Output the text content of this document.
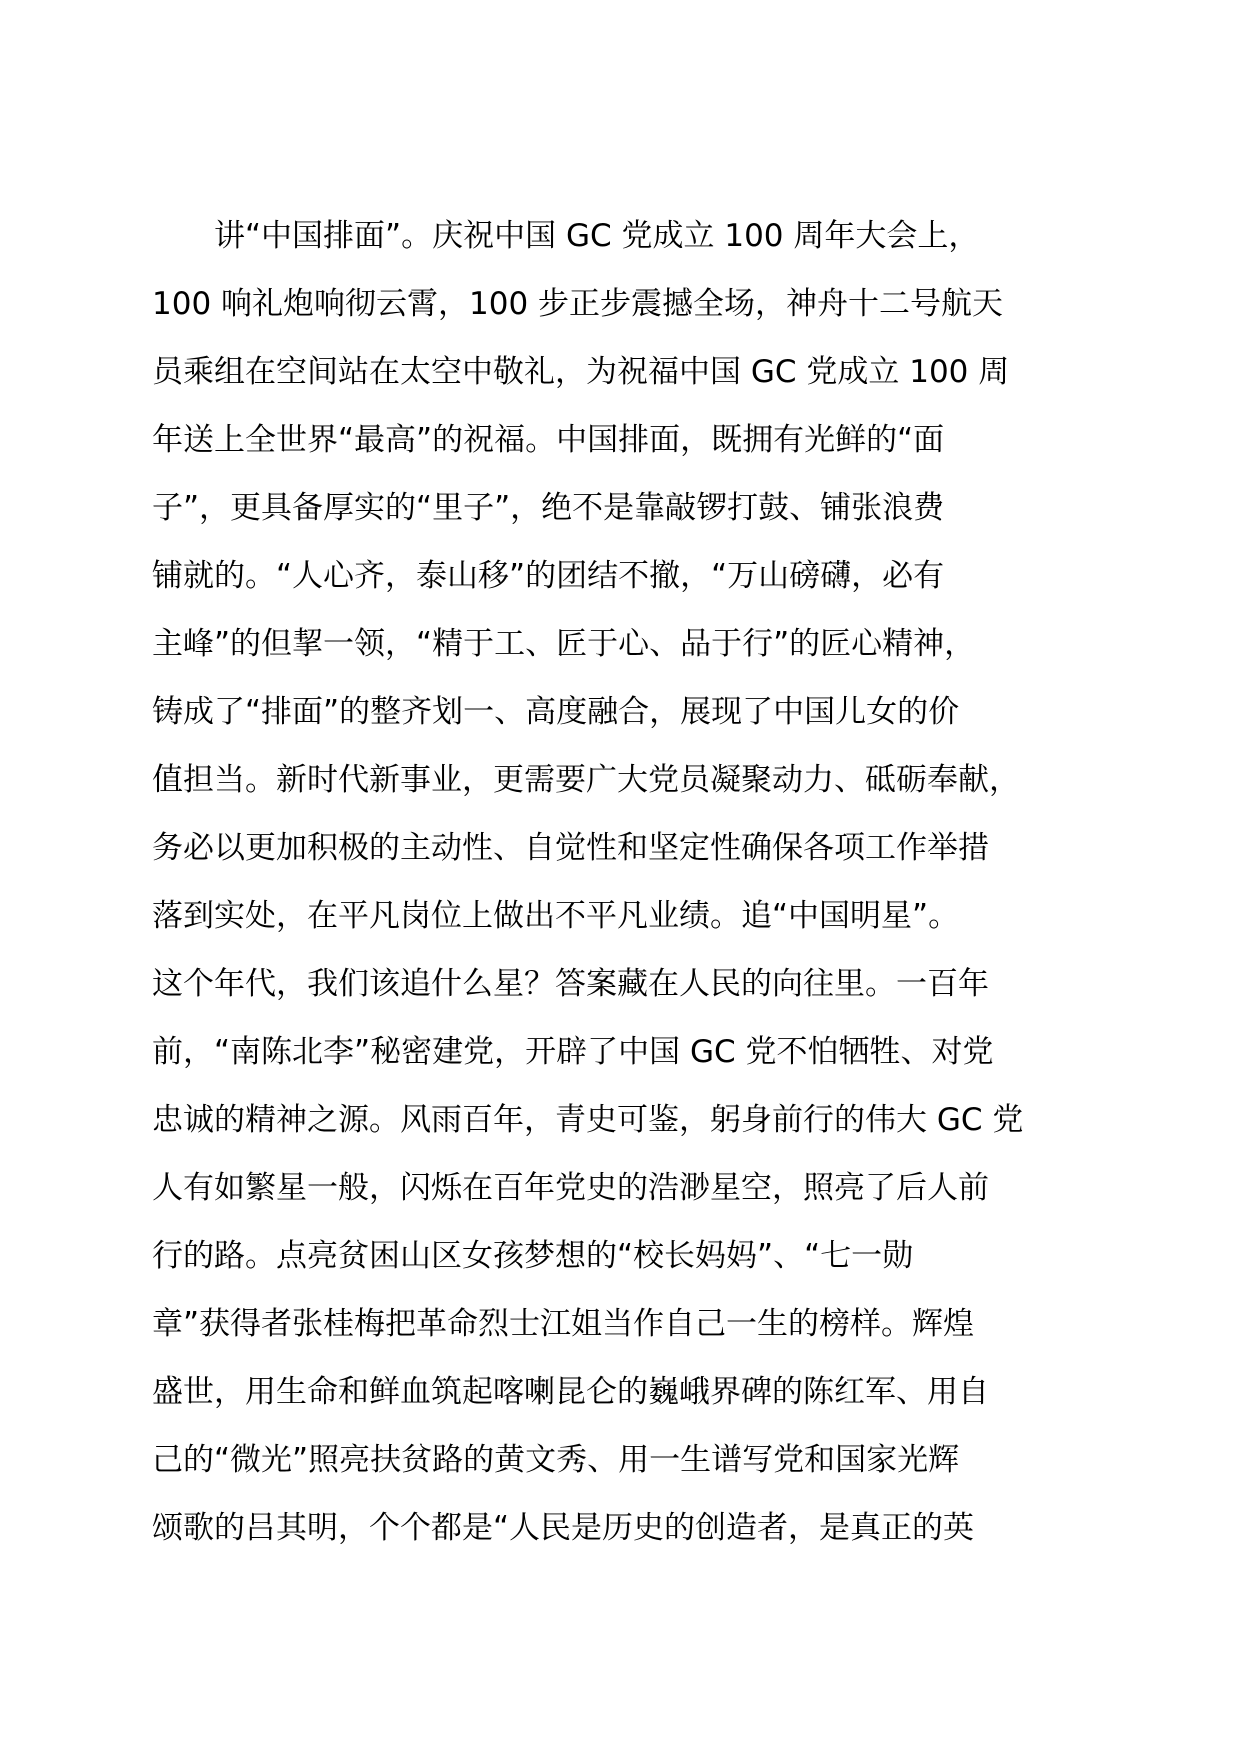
　　讲“中国排面”。庆祝中国 GC 党成立 100 周年大会上，
100 响礼炮响彻云霄，100 步正步震撼全场，神舟十二号航天
员乘组在空间站在太空中敬礼，为祝福中国 GC 党成立 100 周
年送上全世界“最高”的祝福。中国排面，既拥有光鲜的“面
子”，更具备厚实的“里子”，绝不是靠敲锣打鼓、铺张浪费
铺就的。“人心齐，泰山移”的团结不撤，“万山磅礴，必有
主峰”的但挈一领，“精于工、匠于心、品于行”的匠心精神，
铸成了“排面”的整齐划一、高度融合，展现了中国儿女的价
值担当。新时代新事业，更需要广大党员凝聚动力、砥砺奉献，
务必以更加积极的主动性、自觉性和坚定性确保各项工作举措
落到实处，在平凡岗位上做出不平凡业绩。追“中国明星”。
这个年代，我们该追什么星？答案藏在人民的向往里。一百年
前，“南陈北李”秘密建党，开辟了中国 GC 党不怕牺牲、对党
忠诚的精神之源。风雨百年，青史可鉴，躬身前行的伟大 GC 党
人有如繁星一般，闪烁在百年党史的浩渺星空，照亮了后人前
行的路。点亮贫困山区女孩梦想的“校长妈妈”、“七一勋
章”获得者张桂梅把革命烈士江姐当作自己一生的榜样。辉煌
盛世，用生命和鲜血筑起喀喇昆仑的巍峨界碑的陈红军、用自
己的“微光”照亮扶贫路的黄文秀、用一生谱写党和国家光辉
颂歌的吕其明，个个都是“人民是历史的创造者，是真正的英
